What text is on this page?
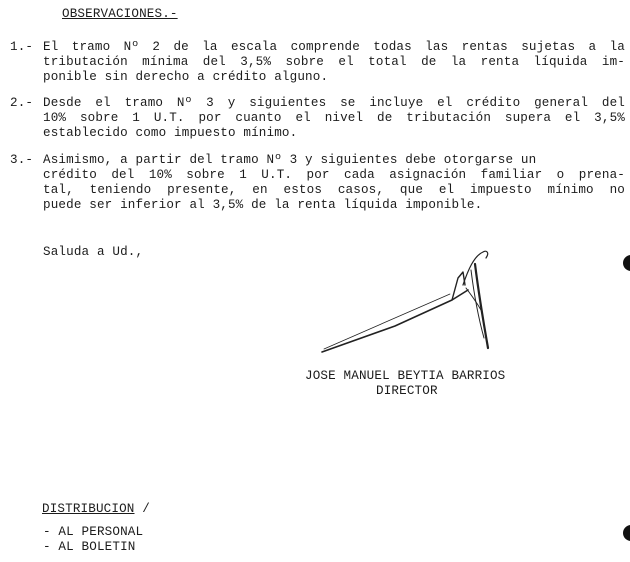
OBSERVACIONES.-
1.- El tramo Nº 2 de la escala comprende todas las rentas sujetas a la
tributación mínima del 3,5% sobre el total de la renta líquida im-
ponible sin derecho a crédito alguno.
2.- Desde el tramo Nº 3 y siguientes se incluye el crédito general del
10% sobre 1 U.T. por cuanto el nivel de tributación supera el 3,5%
establecido como impuesto mínimo.
3.- Asimismo, a partir del tramo Nº 3 y siguientes debe otorgarse un
crédito del 10% sobre 1 U.T. por cada asignación familiar o prena-
tal, teniendo presente, en estos casos, que el impuesto mínimo no
puede ser inferior al 3,5% de la renta líquida imponible.
Saluda a Ud.,
JOSE MANUEL BEYTIA BARRIOS
DIRECTOR
DISTRIBUCION /
- AL PERSONAL
- AL BOLETIN
